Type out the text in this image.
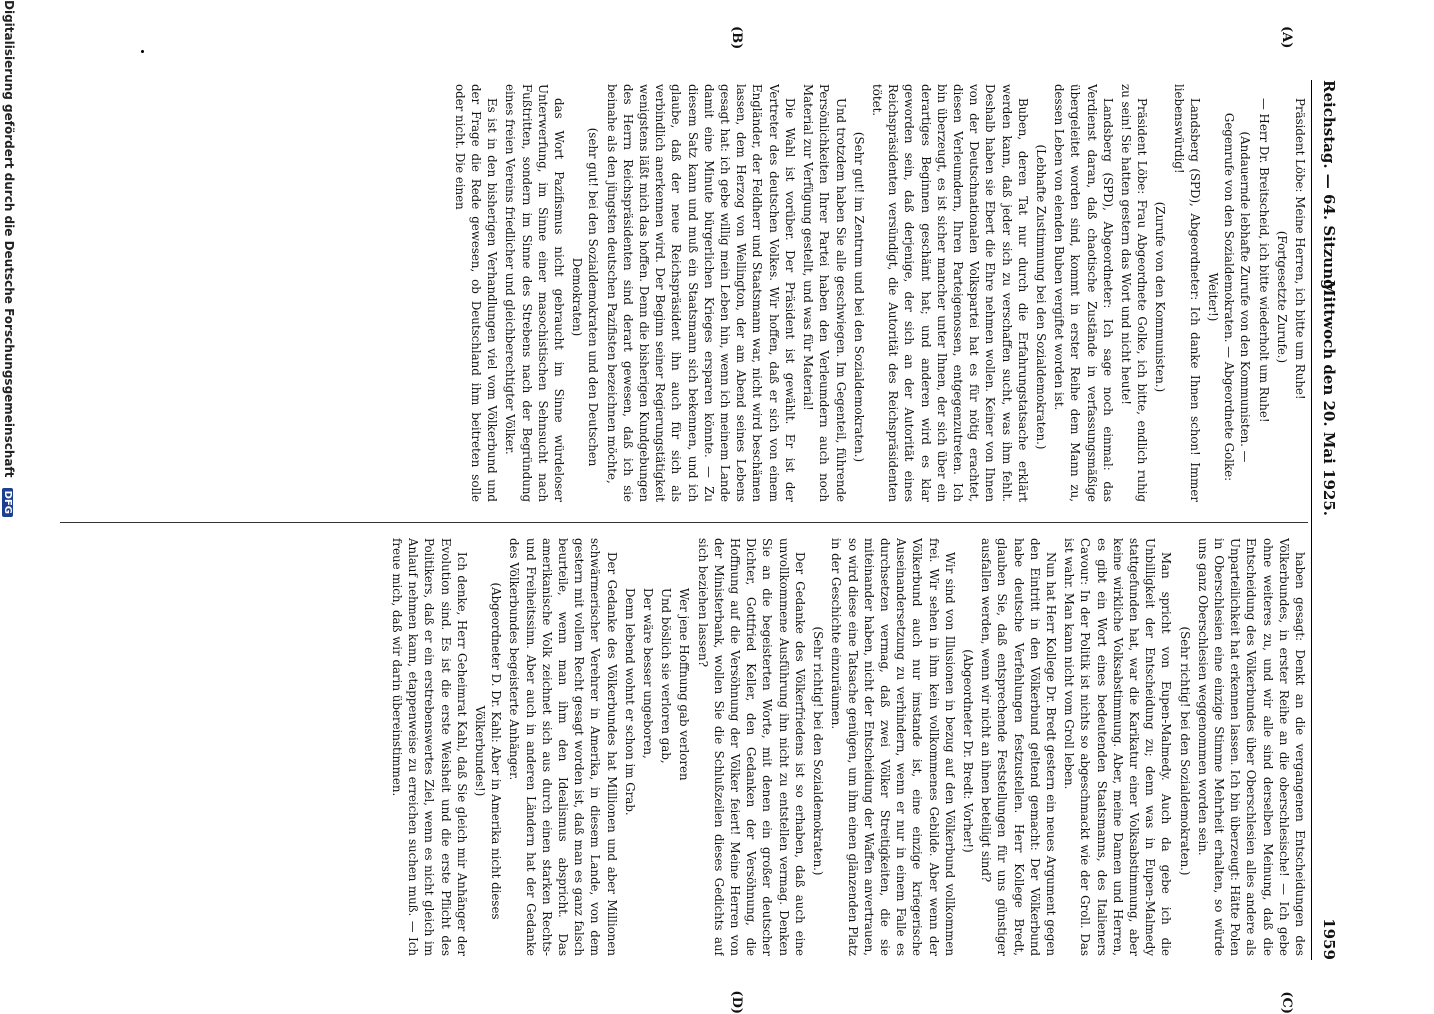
Reichstag. — 64. Sitzung.
Mittwoch den 20. Mai 1925.
1959
(A)
(B)
(C)
(D)

Präsident Löbe: Meine Herren, ich bitte um Ruhe!

(Fortgesetzte Zurufe.)

— Herr Dr. Breitscheid, ich bitte wiederholt um Ruhe!

(Andauernde lebhafte Zurufe von den Kommunisten. — Gegenrufe von den Sozialdemokraten. — Abgeordnete Golke: Weiter!)

Landsberg (SPD), Abgeordneter: Ich danke Ihnen schon! Immer liebenswürdig!

(Zurufe von den Kommunisten.)

Präsident Löbe: Frau Abgeordnete Golke, ich bitte, endlich ruhig zu sein! Sie hatten gestern das Wort und nicht heute!

Landsberg (SPD), Abgeordneter: Ich sage noch einmal: das Verdienst daran, daß chaotische Zustände in verfassungsmäßige übergeleitet worden sind, kommt in erster Reihe dem Mann zu, dessen Leben von elenden Buben vergiftet worden ist.

(Lebhafte Zustimmung bei den Sozialdemokraten.)

Buben, deren Tat nur durch die Erfahrungstatsache erklärt werden kann, daß jeder sich zu verschaffen sucht, was ihm fehlt. Deshalb haben sie Ebert die Ehre nehmen wollen. Keiner von Ihnen von der Deutschnationalen Volkspartei hat es für nötig erachtet, diesen Verleumdern, Ihren Parteigenossen, entgegenzutreten. Ich bin überzeugt, es ist sicher mancher unter Ihnen, der sich über ein derartiges Beginnen geschämt hat; und anderen wird es klar geworden sein, daß derjenige, der sich an der Autorität eines Reichspräsidenten versündigt, die Autorität des Reichspräsidenten tötet.

(Sehr gut! im Zentrum und bei den Sozialdemokraten.)

Und trotzdem haben Sie alle geschwiegen. Im Gegenteil, führende Persönlichkeiten Ihrer Partei haben den Verleumdern auch noch Material zur Verfügung gestellt, und was für Material!

Die Wahl ist vorüber. Der Präsident ist gewählt. Er ist der Vertreter des deutschen Volkes. Wir hoffen, daß er sich von einem Engländer, der Feldherr und Staatsmann war, nicht wird beschämen lassen, dem Herzog von Wellington, der am Abend seines Lebens gesagt hat: ich gebe willig mein Leben hin, wenn ich meinem Lande damit eine Minute bürgerlichen Krieges ersparen könnte. — Zu diesem Satz kann und muß ein Staatsmann sich bekennen, und ich glaube, daß der neue Reichspräsident ihn auch für sich als verbindlich anerkennen wird. Der Beginn seiner Regierungstätigkeit wenigstens läßt mich das hoffen. Denn die bisherigen Kundgebungen des Herrn Reichspräsidenten sind derart gewesen, daß ich sie beinahe als den jüngsten deutschen Pazifisten bezeichnen möchte,

(sehr gut! bei den Sozialdemokraten und den Deutschen Demokraten)

das Wort Pazifismus nicht gebraucht im Sinne würdeloser Unterwerfung, im Sinne einer masochistischen Sehnsucht nach Fußtritten, sondern im Sinne des Strebens nach der Begründung eines freien Vereins friedlicher und gleichberechtigter Völker.

Es ist in den bisherigen Verhandlungen viel vom Völkerbund und der Frage die Rede gewesen, ob Deutschland ihm beitreten solle oder nicht. Die einen

haben gesagt: Denkt an die vergangenen Entscheidungen des Völkerbundes, in erster Reihe an die oberschlesische! — Ich gebe ohne weiteres zu, und wir alle sind derselben Meinung, daß die Entscheidung des Völkerbundes über Oberschlesien alles andere als Unparteilichkeit hat erkennen lassen. Ich bin überzeugt: Hätte Polen in Oberschlesien eine einzige Stimme Mehrheit erhalten, so würde uns ganz Oberschlesien weggenommen worden sein.

(Sehr richtig! bei den Sozialdemokraten.)

Man spricht von Eupen-Malmedy. Auch da gebe ich die Unbilligkeit der Entscheidung zu; denn was in Eupen-Malmedy stattgefunden hat, war die Karikatur einer Volksabstimmung, aber keine wirkliche Volksabstimmung. Aber, meine Damen und Herren, es gibt ein Wort eines bedeutenden Staatsmanns, des Italieners Cavour: In der Politik ist nichts so abgeschmackt wie der Groll. Das ist wahr. Man kann nicht vom Groll leben.

Nun hat Herr Kollege Dr. Bredt gestern ein neues Argument gegen den Eintritt in den Völkerbund geltend gemacht: Der Völkerbund habe deutsche Verfehlungen festzustellen. Herr Kollege Bredt, glauben Sie, daß entsprechende Feststellungen für uns günstiger ausfallen werden, wenn wir nicht an ihnen beteiligt sind?

(Abgeordneter Dr. Bredt: Vorher!)

Wir sind von Illusionen in bezug auf den Völkerbund vollkommen frei. Wir sehen in ihm kein vollkommenes Gebilde. Aber wenn der Völkerbund auch nur imstande ist, eine einzige kriegerische Auseinandersetzung zu verhindern, wenn er nur in einem Falle es durchsetzen vermag, daß zwei Völker Streitigkeiten, die sie miteinander haben, nicht der Entscheidung der Waffen anvertrauen, so wird diese eine Tatsache genügen, um ihm einen glänzenden Platz in der Geschichte einzuräumen.

(Sehr richtig! bei den Sozialdemokraten.)

Der Gedanke des Völkerfriedens ist so erhaben, daß auch eine unvollkommene Ausführung ihn nicht zu entstellen vermag. Denken Sie an die begeisterten Worte, mit denen ein großer deutscher Dichter, Gottfried Keller, den Gedanken der Versöhnung, die Hoffnung auf die Versöhnung der Völker feiert! Meine Herren von der Ministerbank, wollen Sie die Schlußzeilen dieses Gedichts auf sich beziehen lassen?

Wer jene Hoffnung gab verloren

Und böslich sie verloren gab,

Der wäre besser ungeboren,

Denn lebend wohnt er schon im Grab.

Der Gedanke des Völkerbundes hat Millionen und aber Millionen schwärmerischer Verehrer in Amerika, in diesem Lande, von dem gestern mit vollem Recht gesagt worden ist, daß man es ganz falsch beurteile, wenn man ihm den Idealismus abspricht. Das amerikanische Volk zeichnet sich aus durch einen starken Rechts- und Freiheitssinn. Aber auch in anderen Ländern hat der Gedanke des Völkerbundes begeisterte Anhänger.

(Abgeordneter D. Dr. Kahl: Aber in Amerika nicht dieses Völkerbundes!)

Ich denke, Herr Geheimrat Kahl, daß Sie gleich mir Anhänger der Evolution sind. Es ist die erste Weisheit und die erste Pflicht des Politikers, daß er ein erstrebenswertes Ziel, wenn es nicht gleich im Anlauf nehmen kann, etappenweise zu erreichen suchen muß. — Ich freue mich, daß wir darin übereinstimmen.

Digitalisierung gefördert durch die Deutsche Forschungsgemeinschaft DFG
